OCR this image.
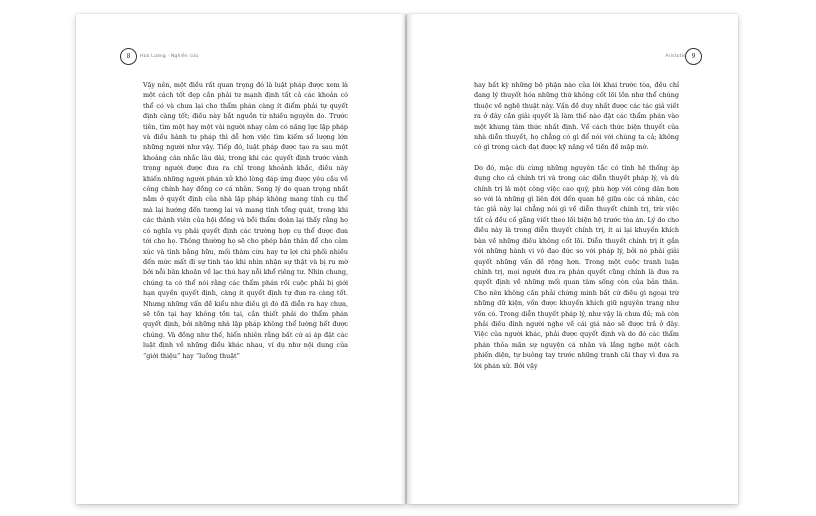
8	Hoà Lương · Nghiên cứu

Vậy nên, một điều rất quan trọng đó là luật pháp được xem là một cách tốt đẹp cần phải tư mạnh định tất cả các khoản có thể có và chưa lại cho thẩm phán càng ít điểm phải tự quyết định càng tốt; điều này bắt nguồn từ nhiều nguyên do. Trước tiên, tìm một hay một vài người nhạy cảm có năng lực lập pháp và điều hành tư pháp thì dễ hơn việc tìm kiếm số lượng lớn những người như vậy. Tiếp đó, luật pháp được tạo ra sau một khoảng cân nhắc lâu dài, trong khi các quyết định trước vành trọng người được đưa ra chỉ trong khoảnh khắc, điều này khiến những người phán xử khó lòng đáp ứng được yêu cầu về công chính hay đồng cơ cá nhân. Song lý do quan trọng nhất nằm ở quyết định của nhà lập pháp không mang tính cụ thể mà lại hướng đến tương lai và mang tính tổng quát, trong khi các thành viên của hội đồng và bồi thẩm đoàn lại thấy rằng họ có nghĩa vụ phải quyết định các trường hợp cụ thể được đưa tới cho họ. Thông thường họ sẽ cho phép bản thân để cho cảm xúc và tình bằng hữu, mối thâm cừu hay tư lợi chi phối nhiều đến mức mất đi sự tinh táo khi nhìn nhận sự thật và bị ru mờ bởi nỗi băn khoăn về lạc thú hay nỗi khổ riêng tư. Nhìn chung, chúng ta có thể nói rằng các thẩm phán rồi cuộc phải bị giới hạn quyền quyết định, càng ít quyết định tự đưa ra càng tốt. Nhưng những vấn đề kiểu như điều gì đó đã diễn ra hay chưa, sẽ tồn tại hay không tồn tại, cần thiết phải do thẩm phán quyết định, bởi những nhà lập pháp không thể lường hết được chúng. Và đồng như thế, hiển nhiên rằng bất cứ ai áp đặt các luật định về những điều khác nhau, ví dụ như nội dung của “giới thiệu” hay “luồng thuật”

9
Aristotle

hay bất kỳ những bộ phận nào của lời khai trước tòa, đều chỉ đang lý thuyết hóa những thứ không cốt lõi lồn như thể chúng thuộc về nghệ thuật này. Vấn đề duy nhất được các tác giả viết ra ở đây cần giải quyết là làm thế nào đặt các thẩm phán vào một khung tâm thức nhất định. Về cách thức biện thuyết của nhà diễn thuyết, họ chẳng có gì để nói với chúng ta cả; không có gì trong cách đạt được kỹ năng về tiền đề mập mờ.

Do đó, mặc dù cùng những nguyên tắc có tính hệ thống áp dụng cho cả chính trị và trong các diễn thuyết pháp lý, và dù chính trị là một công việc cao quý, phù hợp với công dân hơn so với là những gì liên đới đến quan hệ giữa các cá nhân, các tác giả này lại chẳng nói gì về diễn thuyết chính trị, trừ việc tất cả đều cố gắng viết theo lối biện hộ trước tòa án. Lý do cho điều này là trong diễn thuyết chính trị, ít ai lại khuyến khích bàn về những điều không cốt lõi. Diễn thuyết chính trị ít gắn với những hành vi vô đạo đức so với pháp lý, bởi nó phải giải quyết những vấn đề rộng hơn. Trong một cuộc tranh luận chính trị, mọi người đưa ra phán quyết cũng chính là đưa ra quyết định về những mối quan tâm sống còn của bản thân. Cho nên không cần phải chứng minh bất cứ điều gì ngoại trừ những dữ kiện, vốn được khuyến khích giữ nguyên trạng như vốn có. Trong diễn thuyết pháp lý, như vậy là chưa đủ; mà còn phải điều đình người nghe về cái giá nào sẽ được trả ở đây. Việc của người khác, phải được quyết định và do đó các thẩm phán thỏa mãn sự nguyện cá nhân và lắng nghe một cách phiến diện, tự buông tay trước những tranh cãi thay vì đưa ra lời phán xử. Bởi vậy
